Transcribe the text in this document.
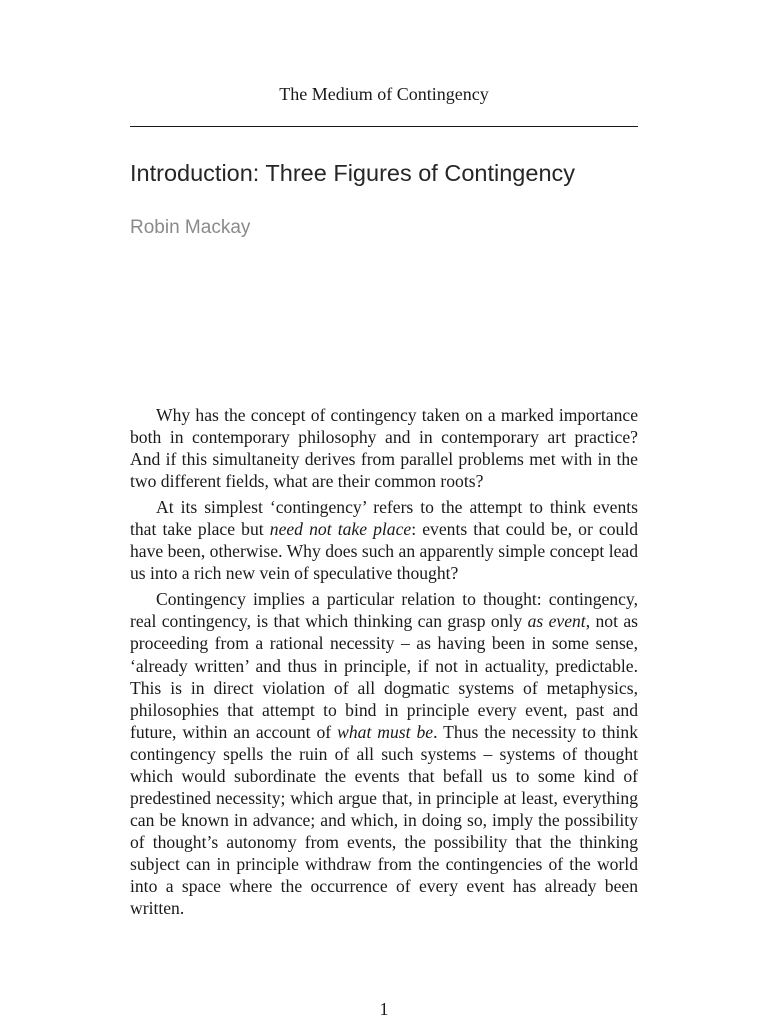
The Medium of Contingency
Introduction: Three Figures of Contingency
Robin Mackay

Why has the concept of contingency taken on a marked importance both in contemporary philosophy and in contemporary art practice? And if this simultaneity derives from parallel problems met with in the two different fields, what are their common roots?

At its simplest ‘contingency’ refers to the attempt to think events that take place but need not take place: events that could be, or could have been, otherwise. Why does such an apparently simple concept lead us into a rich new vein of speculative thought?

Contingency implies a particular relation to thought: contingency, real contingency, is that which thinking can grasp only as event, not as proceeding from a rational necessity – as having been in some sense, ‘already written’ and thus in principle, if not in actuality, predictable. This is in direct violation of all dogmatic systems of metaphysics, philosophies that attempt to bind in principle every event, past and future, within an account of what must be. Thus the necessity to think contingency spells the ruin of all such systems – systems of thought which would subordinate the events that befall us to some kind of predestined necessity; which argue that, in principle at least, everything can be known in advance; and which, in doing so, imply the possibility of thought’s autonomy from events, the possibility that the thinking subject can in principle withdraw from the contingencies of the world into a space where the occurrence of every event has already been written.

1
